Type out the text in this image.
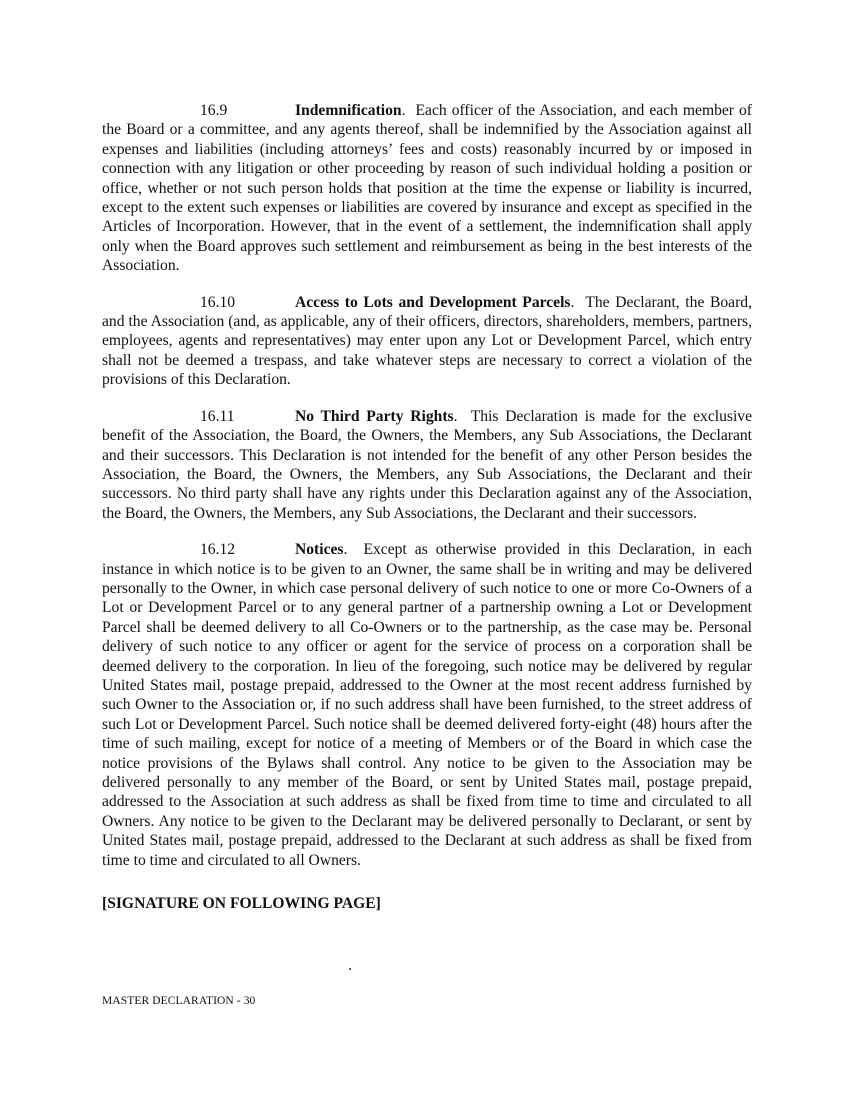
16.9	Indemnification.  Each officer of the Association, and each member of the Board or a committee, and any agents thereof, shall be indemnified by the Association against all expenses and liabilities (including attorneys’ fees and costs) reasonably incurred by or imposed in connection with any litigation or other proceeding by reason of such individual holding a position or office, whether or not such person holds that position at the time the expense or liability is incurred, except to the extent such expenses or liabilities are covered by insurance and except as specified in the Articles of Incorporation. However, that in the event of a settlement, the indemnification shall apply only when the Board approves such settlement and reimbursement as being in the best interests of the Association.

16.10	Access to Lots and Development Parcels.  The Declarant, the Board, and the Association (and, as applicable, any of their officers, directors, shareholders, members, partners, employees, agents and representatives) may enter upon any Lot or Development Parcel, which entry shall not be deemed a trespass, and take whatever steps are necessary to correct a violation of the provisions of this Declaration.

16.11	No Third Party Rights.  This Declaration is made for the exclusive benefit of the Association, the Board, the Owners, the Members, any Sub Associations, the Declarant and their successors. This Declaration is not intended for the benefit of any other Person besides the Association, the Board, the Owners, the Members, any Sub Associations, the Declarant and their successors. No third party shall have any rights under this Declaration against any of the Association, the Board, the Owners, the Members, any Sub Associations, the Declarant and their successors.

16.12	Notices.  Except as otherwise provided in this Declaration, in each instance in which notice is to be given to an Owner, the same shall be in writing and may be delivered personally to the Owner, in which case personal delivery of such notice to one or more Co-Owners of a Lot or Development Parcel or to any general partner of a partnership owning a Lot or Development Parcel shall be deemed delivery to all Co-Owners or to the partnership, as the case may be. Personal delivery of such notice to any officer or agent for the service of process on a corporation shall be deemed delivery to the corporation. In lieu of the foregoing, such notice may be delivered by regular United States mail, postage prepaid, addressed to the Owner at the most recent address furnished by such Owner to the Association or, if no such address shall have been furnished, to the street address of such Lot or Development Parcel. Such notice shall be deemed delivered forty-eight (48) hours after the time of such mailing, except for notice of a meeting of Members or of the Board in which case the notice provisions of the Bylaws shall control. Any notice to be given to the Association may be delivered personally to any member of the Board, or sent by United States mail, postage prepaid, addressed to the Association at such address as shall be fixed from time to time and circulated to all Owners. Any notice to be given to the Declarant may be delivered personally to Declarant, or sent by United States mail, postage prepaid, addressed to the Declarant at such address as shall be fixed from time to time and circulated to all Owners.

[SIGNATURE ON FOLLOWING PAGE]
MASTER DECLARATION - 30
